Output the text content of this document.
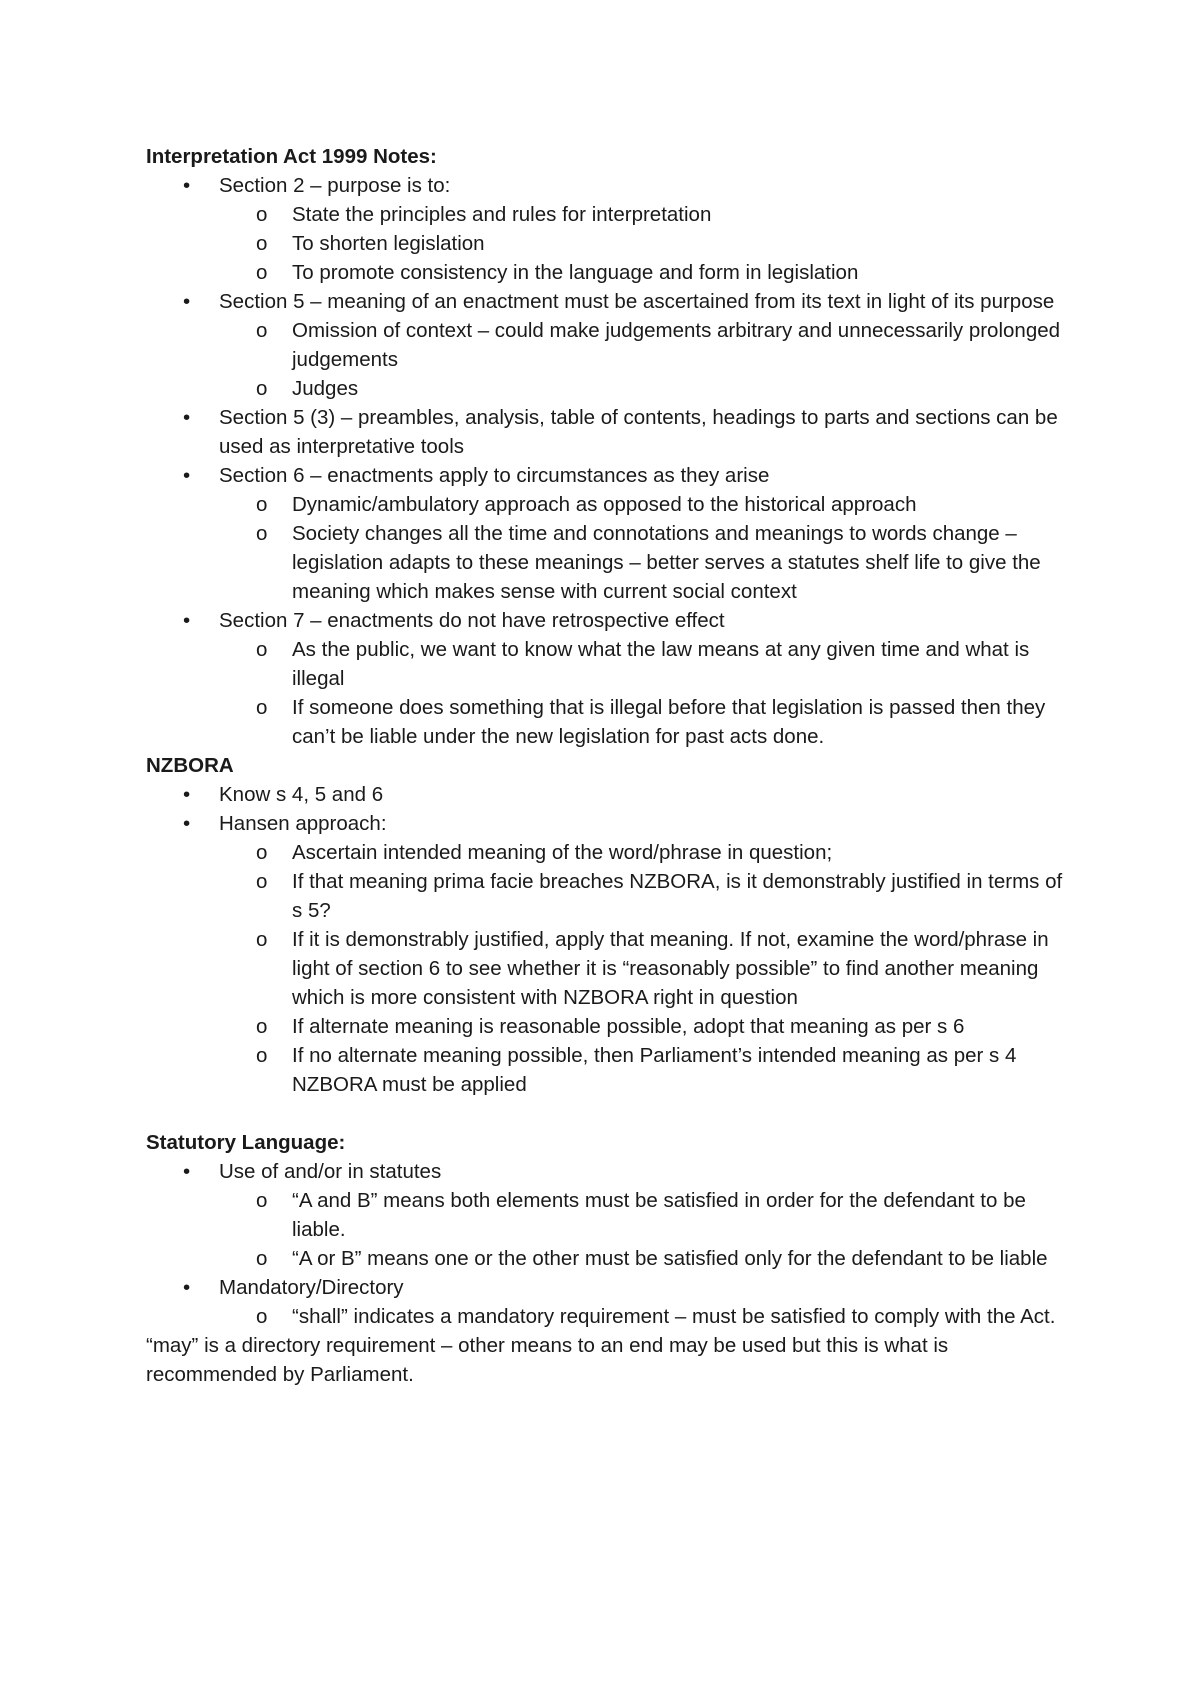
Interpretation Act 1999 Notes:

• Section 2 – purpose is to:
o State the principles and rules for interpretation
o To shorten legislation
o To promote consistency in the language and form in legislation
• Section 5 – meaning of an enactment must be ascertained from its text in light of its purpose
o Omission of context – could make judgements arbitrary and unnecessarily prolonged judgements
o Judges
• Section 5 (3) – preambles, analysis, table of contents, headings to parts and sections can be used as interpretative tools
• Section 6 – enactments apply to circumstances as they arise
o Dynamic/ambulatory approach as opposed to the historical approach
o Society changes all the time and connotations and meanings to words change – legislation adapts to these meanings – better serves a statutes shelf life to give the meaning which makes sense with current social context
• Section 7 – enactments do not have retrospective effect
o As the public, we want to know what the law means at any given time and what is illegal
o If someone does something that is illegal before that legislation is passed then they can’t be liable under the new legislation for past acts done.

NZBORA

• Know s 4, 5 and 6
• Hansen approach:
o Ascertain intended meaning of the word/phrase in question;
o If that meaning prima facie breaches NZBORA, is it demonstrably justified in terms of s 5?
o If it is demonstrably justified, apply that meaning. If not, examine the word/phrase in light of section 6 to see whether it is “reasonably possible” to find another meaning which is more consistent with NZBORA right in question
o If alternate meaning is reasonable possible, adopt that meaning as per s 6
o If no alternate meaning possible, then Parliament’s intended meaning as per s 4 NZBORA must be applied

Statutory Language:

• Use of and/or in statutes
o “A and B” means both elements must be satisfied in order for the defendant to be liable.
o “A or B” means one or the other must be satisfied only for the defendant to be liable
• Mandatory/Directory
o “shall” indicates a mandatory requirement – must be satisfied to comply with the Act.

“may” is a directory requirement – other means to an end may be used but this is what is recommended by Parliament.
